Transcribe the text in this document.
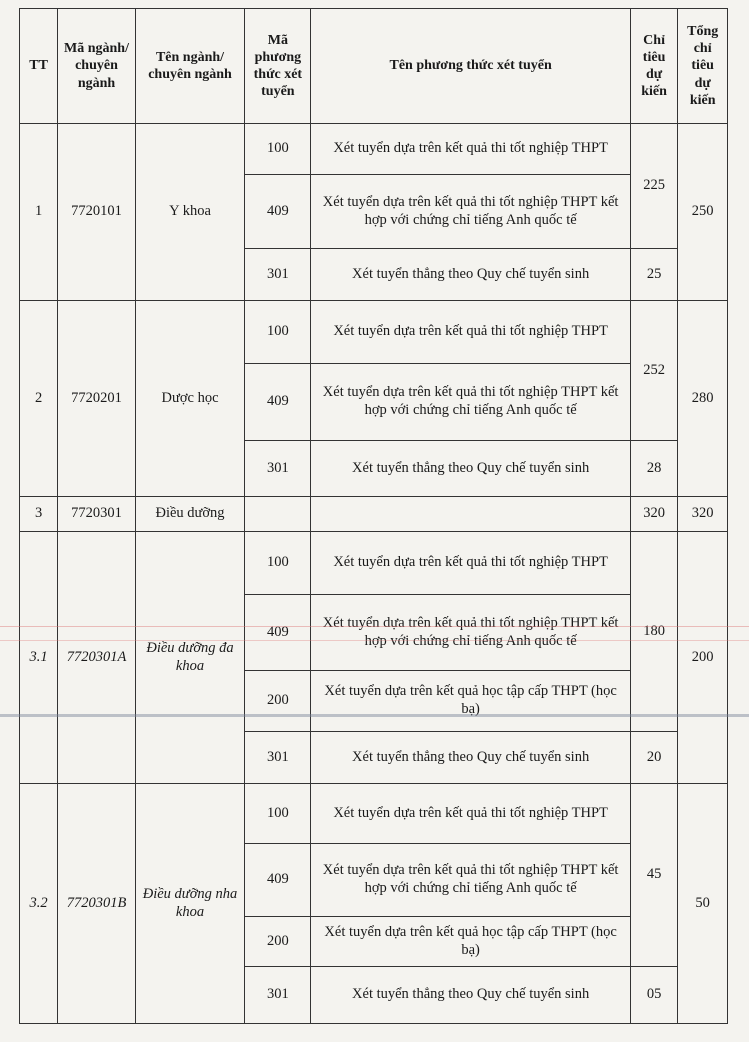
TT	Mã ngành/ chuyên ngành	Tên ngành/ chuyên ngành	Mã phương thức xét tuyển	Tên phương thức xét tuyển	Chỉ tiêu dự kiến	Tổng chỉ tiêu dự kiến
1	7720101	Y khoa	100	Xét tuyển dựa trên kết quả thi tốt nghiệp THPT	225	250
			409	Xét tuyển dựa trên kết quả thi tốt nghiệp THPT kết hợp với chứng chỉ tiếng Anh quốc tế		
			301	Xét tuyển thẳng theo Quy chế tuyển sinh	25	
2	7720201	Dược học	100	Xét tuyển dựa trên kết quả thi tốt nghiệp THPT	252	280
			409	Xét tuyển dựa trên kết quả thi tốt nghiệp THPT kết hợp với chứng chỉ tiếng Anh quốc tế		
			301	Xét tuyển thẳng theo Quy chế tuyển sinh	28	
3	7720301	Điều dưỡng			320	320
3.1	7720301A	Điều dưỡng đa khoa	100	Xét tuyển dựa trên kết quả thi tốt nghiệp THPT	180	200
			409	Xét tuyển dựa trên kết quả thi tốt nghiệp THPT kết hợp với chứng chỉ tiếng Anh quốc tế		
			200	Xét tuyển dựa trên kết quả học tập cấp THPT (học bạ)		
			301	Xét tuyển thẳng theo Quy chế tuyển sinh	20	
3.2	7720301B	Điều dưỡng nha khoa	100	Xét tuyển dựa trên kết quả thi tốt nghiệp THPT	45	50
			409	Xét tuyển dựa trên kết quả thi tốt nghiệp THPT kết hợp với chứng chỉ tiếng Anh quốc tế		
			200	Xét tuyển dựa trên kết quả học tập cấp THPT (học bạ)		
			301	Xét tuyển thẳng theo Quy chế tuyển sinh	05	
